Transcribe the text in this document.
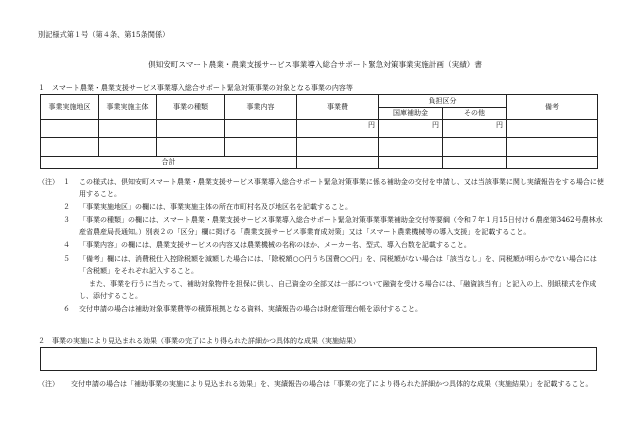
別記様式第１号（第４条、第15条関係）
倶知安町スマート農業・農業支援サービス事業導入総合サポート緊急対策事業実施計画（実績）書
１　スマート農業・農業支援サービス事業導入総合サポート緊急対策事業の対象となる事業の内容等
事業実施地区	事業実施主体	事業の種類	事業内容	事業費	負担区分		備考
					国庫補助金	その他	
				円	円	円	

合計							
（注） １ この様式は、倶知安町スマート農業・農業支援サービス事業導入総合サポート緊急対策事業に係る補助金の交付を申請し、又は当該事業に関し実績報告をする場合に使用すること。
２ 「事業実施地区」の欄には、事業実施主体の所在市町村名及び地区名を記載すること。
３ 「事業の種類」の欄には、スマート農業・農業支援サービス事業導入総合サポート緊急対策事業事業補助金交付等要綱（令和７年１月15日付け６農産第3462号農林水産省農産局長通知。）別表２の「区分」欄に掲げる「農業支援サービス事業育成対策」又は「スマート農業機械等の導入支援」を記載すること。
４ 「事業内容」の欄には、農業支援サービスの内容又は農業機械の名称のほか、メーカー名、型式、導入台数を記載すること。
５ 「備考」欄には、消費税仕入控除税額を減額した場合には、「除税額○○円うち国費○○円」を、同税額がない場合は「該当なし」を、同税額が明らかでない場合には「含税額」をそれぞれ記入すること。
また、事業を行うに当たって、補助対象物件を担保に供し、自己資金の全部又は一部について融資を受ける場合には、「融資該当有」と記入の上、別紙様式を作成し、添付すること。
６ 交付申請の場合は補助対象事業費等の積算根拠となる資料、実績報告の場合は財産管理台帳を添付すること。
２　事業の実施により見込まれる効果（事業の完了により得られた詳細かつ具体的な成果（実施結果）
（注） 交付申請の場合は「補助事業の実施により見込まれる効果」を、実績報告の場合は「事業の完了により得られた詳細かつ具体的な成果（実施結果）」を記載すること。
